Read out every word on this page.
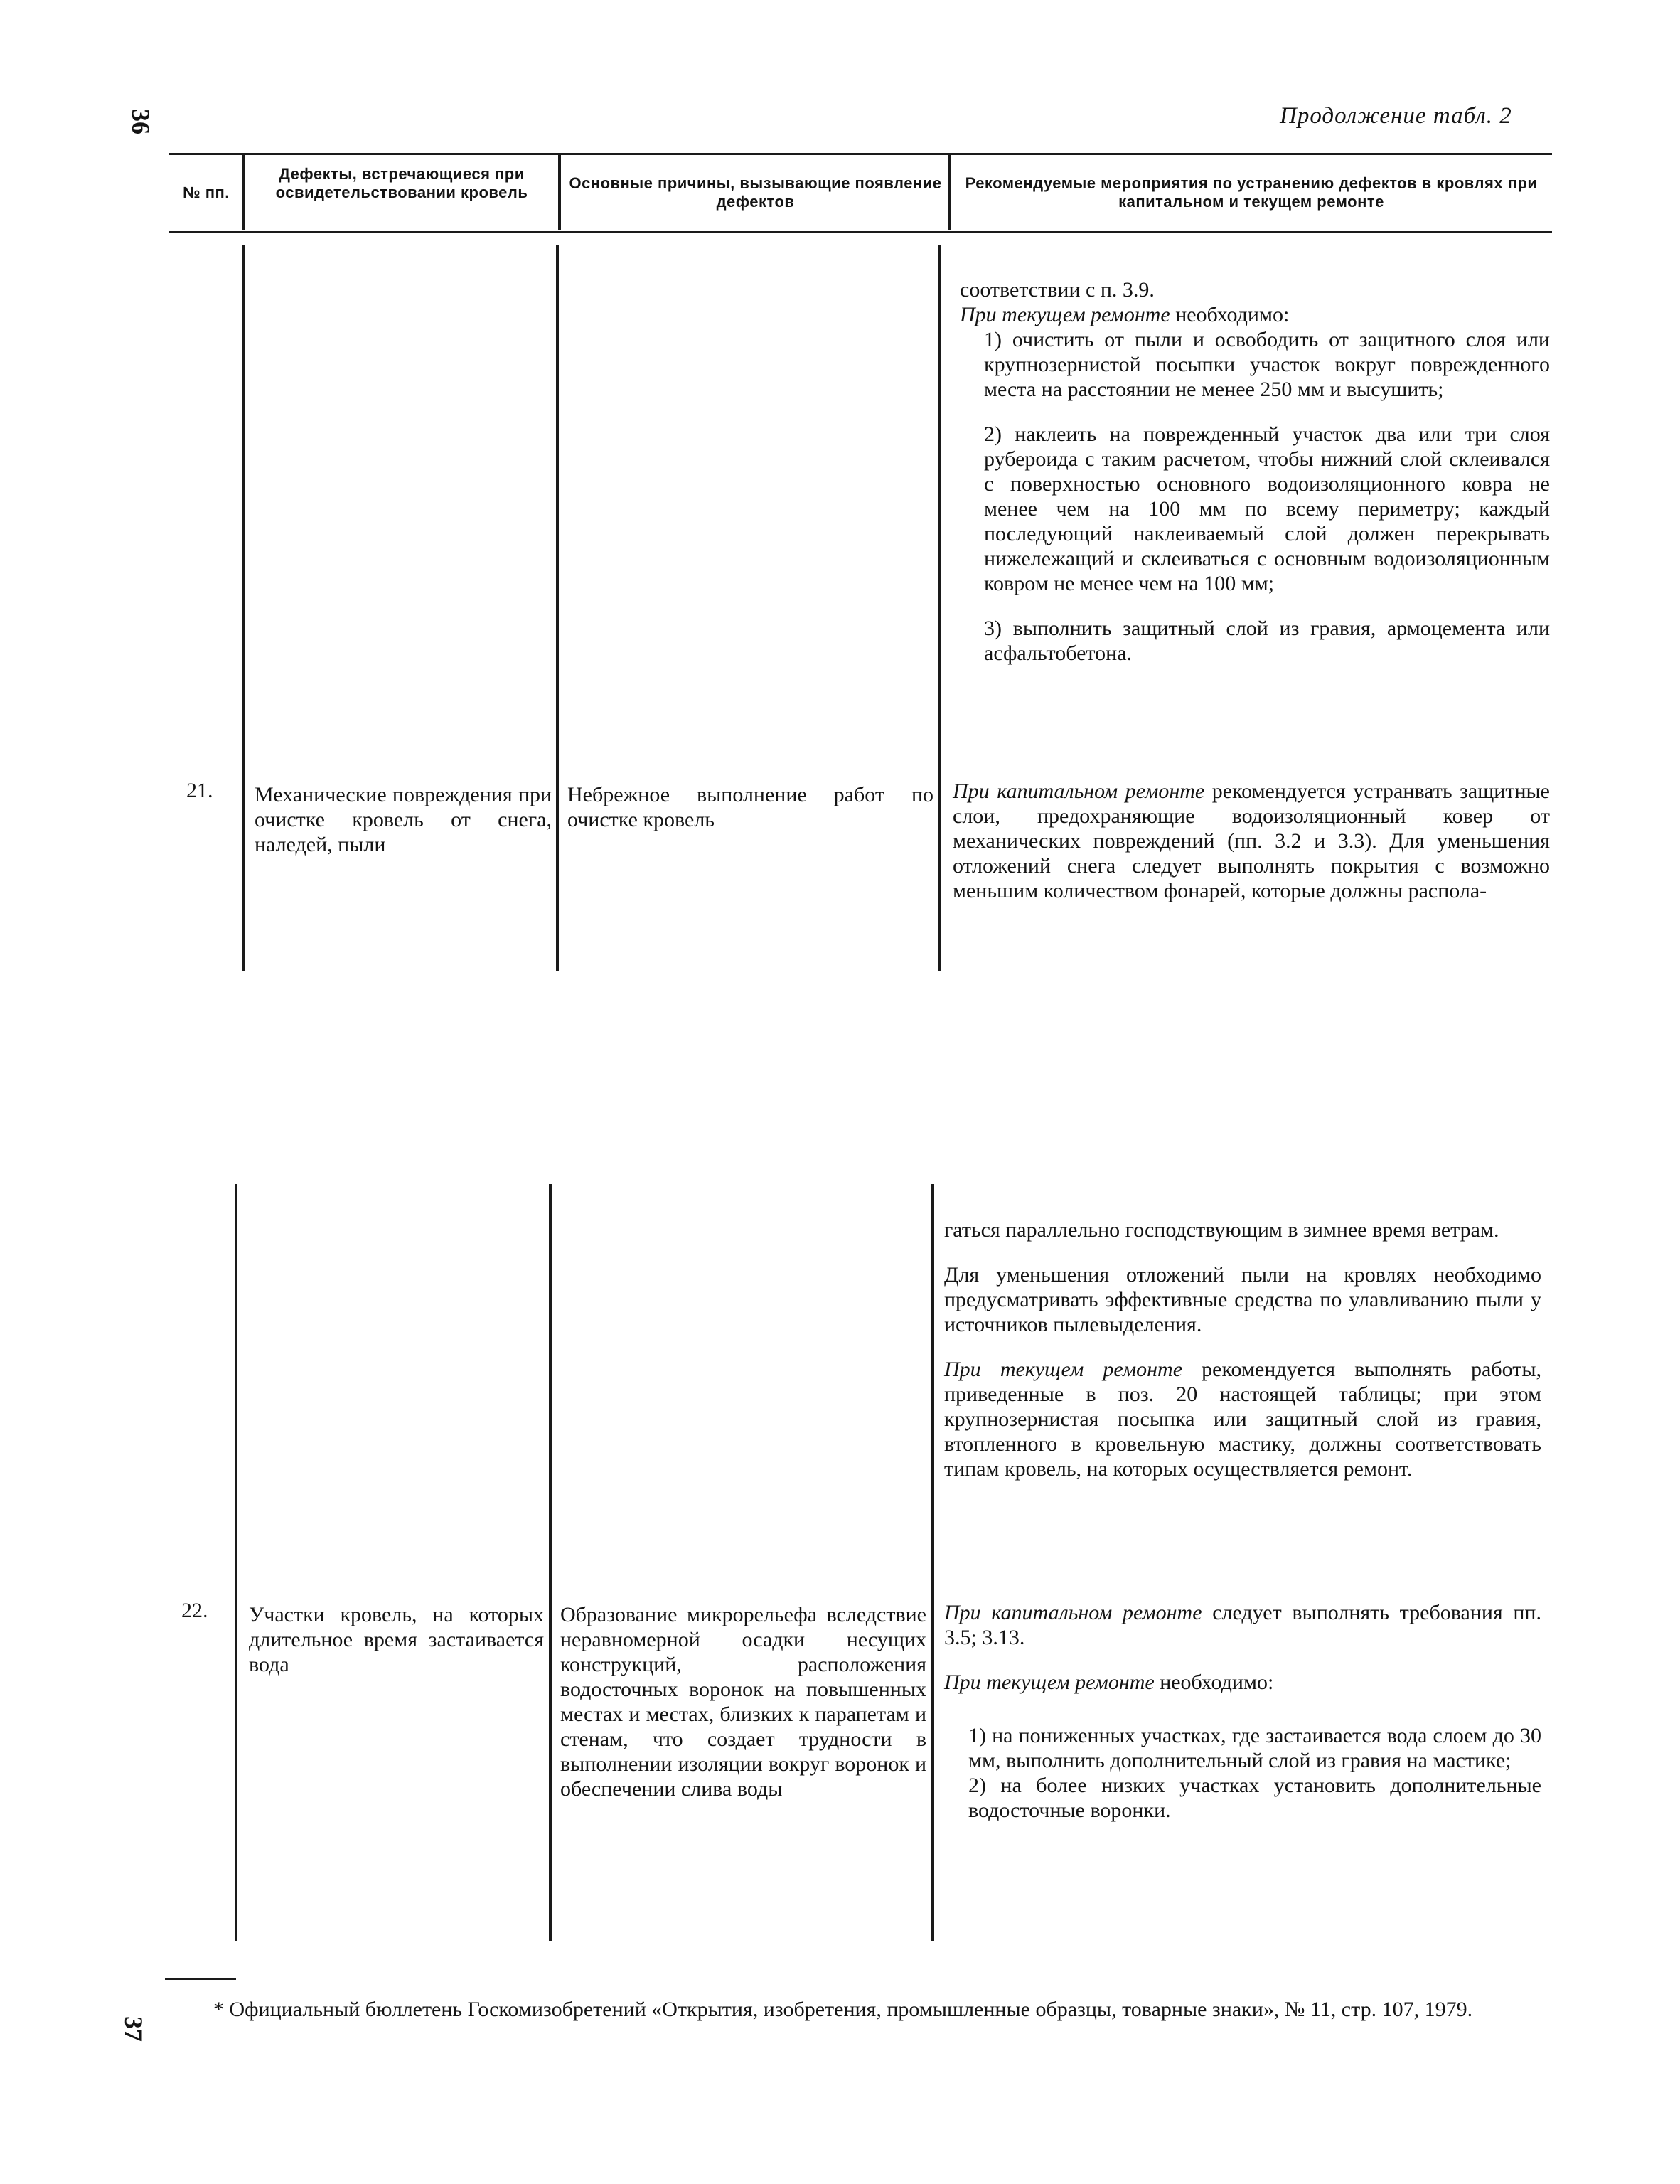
36	Продолжение табл. 2
№ пп.
Дефекты, встречающиеся при освидетельствовании кровель
Основные причины, вызывающие появление дефектов
Рекомендуемые мероприятия по устранению дефектов в кровлях при капитальном и текущем ремонте

соответствии с п. 3.9.

При текущем ремонте необходимо:

1) очистить от пыли и освободить от защитного слоя или крупнозернистой посыпки участок вокруг поврежденного места на расстоянии не менее 250 мм и высушить;

2) наклеить на поврежденный участок два или три слоя рубероида с таким расчетом, чтобы нижний слой склеивался с поверхностью основного водоизоляционного ковра не менее чем на 100 мм по всему периметру; каждый последующий наклеиваемый слой должен перекрывать нижележащий и склеиваться с основным водоизоляционным ковром не менее чем на 100 мм;

3) выполнить защитный слой из гравия, армоцемента или асфальтобетона.

21. Механические повреждения при очистке кровель от снега, наледей, пыли
Небрежное выполнение работ по очистке кровель
При капитальном ремонте рекомендуется устранвать защитные слои, предохраняющие водоизоляционный ковер от механических повреждений (пп. 3.2 и 3.3). Для уменьшения отложений снега следует выполнять покрытия с возможно меньшим количеством фонарей, которые должны распола-

гаться параллельно господствующим в зимнее время ветрам.

Для уменьшения отложений пыли на кровлях необходимо предусматривать эффективные средства по улавливанию пыли у источников пылевыделения.

При текущем ремонте рекомендуется выполнять работы, приведенные в поз. 20 настоящей таблицы; при этом крупнозернистая посыпка или защитный слой из гравия, втопленного в кровельную мастику, должны соответствовать типам кровель, на которых осуществляется ремонт.

22. Участки кровель, на которых длительное время застаивается вода
Образование микрорельефа вследствие неравномерной осадки несущих конструкций, расположения водосточных воронок на повышенных местах и местах, близких к парапетам и стенам, что создает трудности в выполнении изоляции вокруг воронок и обеспечении слива воды

При капитальном ремонте следует выполнять требования пп. 3.5; 3.13.

При текущем ремонте необходимо:

1) на пониженных участках, где застаивается вода слоем до 30 мм, выполнить дополнительный слой из гравия на мастике;

2) на более низких участках установить дополнительные водосточные воронки.

* Официальный бюллетень Госкомизобретений «Открытия, изобретения, промышленные образцы, товарные знаки», № 11, стр. 107, 1979.
37
